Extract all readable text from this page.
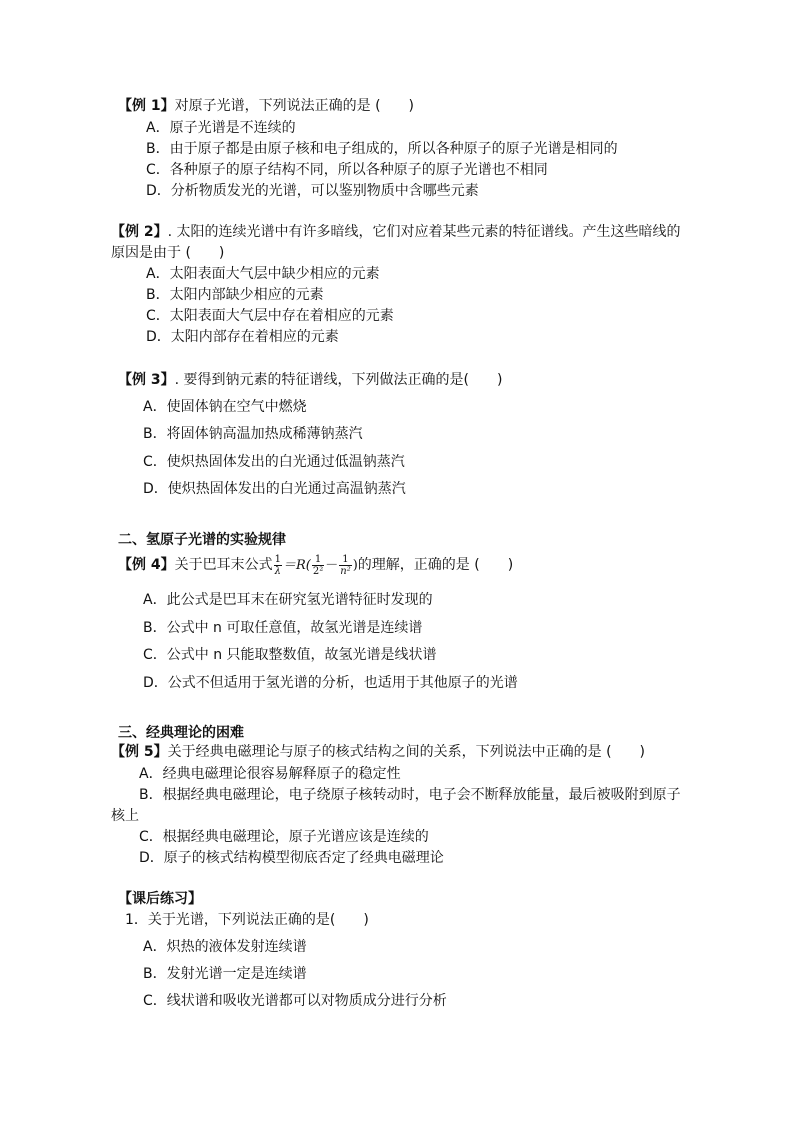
【例 1】对原子光谱，下列说法正确的是 (　　)
A．原子光谱是不连续的
B．由于原子都是由原子核和电子组成的，所以各种原子的原子光谱是相同的
C．各种原子的原子结构不同，所以各种原子的原子光谱也不相同
D．分析物质发光的光谱，可以鉴别物质中含哪些元素
【例 2】. 太阳的连续光谱中有许多暗线，它们对应着某些元素的特征谱线。产生这些暗线的
原因是由于 (　　)
A．太阳表面大气层中缺少相应的元素
B．太阳内部缺少相应的元素
C．太阳表面大气层中存在着相应的元素
D．太阳内部存在着相应的元素
【例 3】. 要得到钠元素的特征谱线，下列做法正确的是(　　)
A．使固体钠在空气中燃烧
B．将固体钠高温加热成稀薄钠蒸汽
C．使炽热固体发出的白光通过低温钠蒸汽
D．使炽热固体发出的白光通过高温钠蒸汽
二、氢原子光谱的实验规律
【例 4】关于巴耳末公式 $\frac{1}{\lambda} =R( \frac{1}{\text{2²}} - \frac{1}{\text{n²}}$ )的理解，正确的是 (　　)
A．此公式是巴耳末在研究氢光谱特征时发现的
B．公式中 n 可取任意值，故氢光谱是连续谱
C．公式中 n 只能取整数值，故氢光谱是线状谱
D．公式不但适用于氢光谱的分析，也适用于其他原子的光谱
三、经典理论的困难
【例 5】关于经典电磁理论与原子的核式结构之间的关系，下列说法中正确的是 (　　)
A．经典电磁理论很容易解释原子的稳定性
B．根据经典电磁理论，电子绕原子核转动时，电子会不断释放能量，最后被吸附到原子
核上
C．根据经典电磁理论，原子光谱应该是连续的
D．原子的核式结构模型彻底否定了经典电磁理论
【课后练习】
1．关于光谱，下列说法正确的是(　　)
A．炽热的液体发射连续谱
B．发射光谱一定是连续谱
C．线状谱和吸收光谱都可以对物质成分进行分析
